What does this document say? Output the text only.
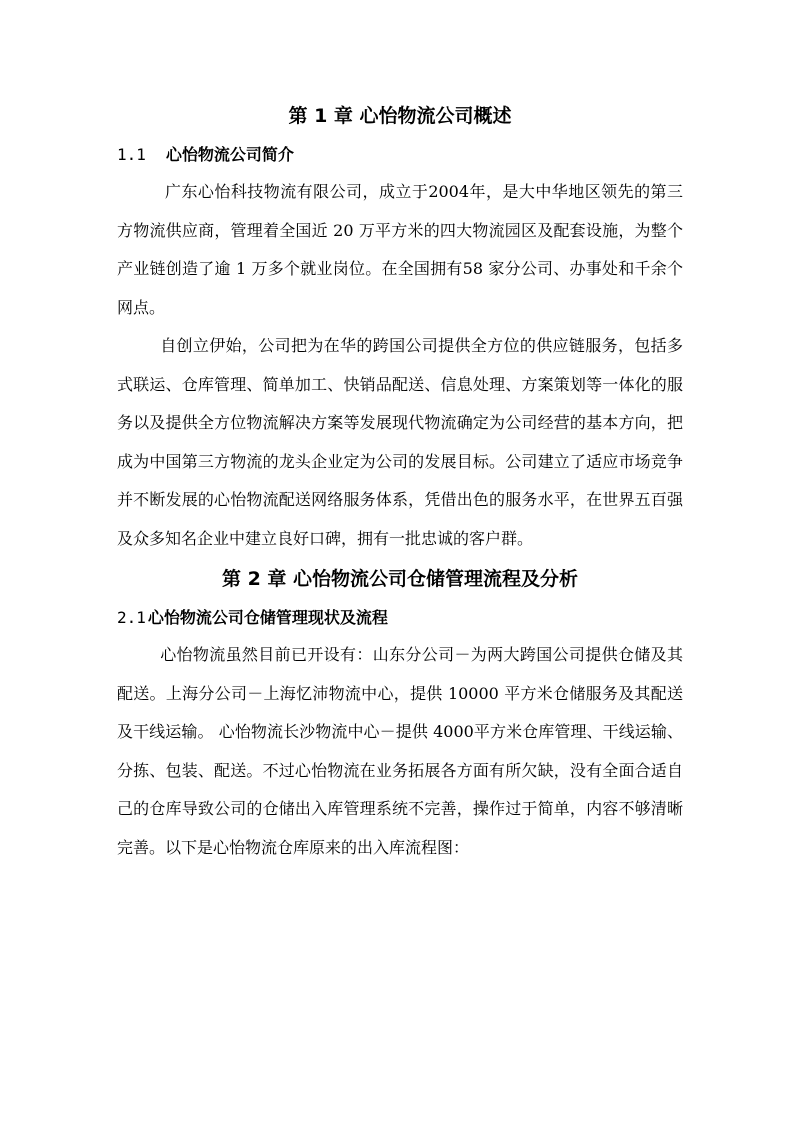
第 1 章 心怡物流公司概述
1.1 心怡物流公司简介

广东心怡科技物流有限公司，成立于2004年，是大中华地区领先的第三方物流供应商，管理着全国近 20 万平方米的四大物流园区及配套设施，为整个产业链创造了逾 1 万多个就业岗位。在全国拥有58 家分公司、办事处和千余个网点。

自创立伊始，公司把为在华的跨国公司提供全方位的供应链服务，包括多式联运、仓库管理、简单加工、快销品配送、信息处理、方案策划等一体化的服务以及提供全方位物流解决方案等发展现代物流确定为公司经营的基本方向，把成为中国第三方物流的龙头企业定为公司的发展目标。公司建立了适应市场竞争并不断发展的心怡物流配送网络服务体系，凭借出色的服务水平，在世界五百强及众多知名企业中建立良好口碑，拥有一批忠诚的客户群。

第 2 章 心怡物流公司仓储管理流程及分析
2.1 心怡物流公司仓储管理现状及流程

心怡物流虽然目前已开设有：山东分公司－为两大跨国公司提供仓储及其配送。上海分公司－上海忆沛物流中心，提供 10000 平方米仓储服务及其配送及干线运输。 心怡物流长沙物流中心－提供 4000平方米仓库管理、干线运输、分拣、包装、配送。不过心怡物流在业务拓展各方面有所欠缺，没有全面合适自己的仓库导致公司的仓储出入库管理系统不完善，操作过于简单，内容不够清晰完善。以下是心怡物流仓库原来的出入库流程图：
